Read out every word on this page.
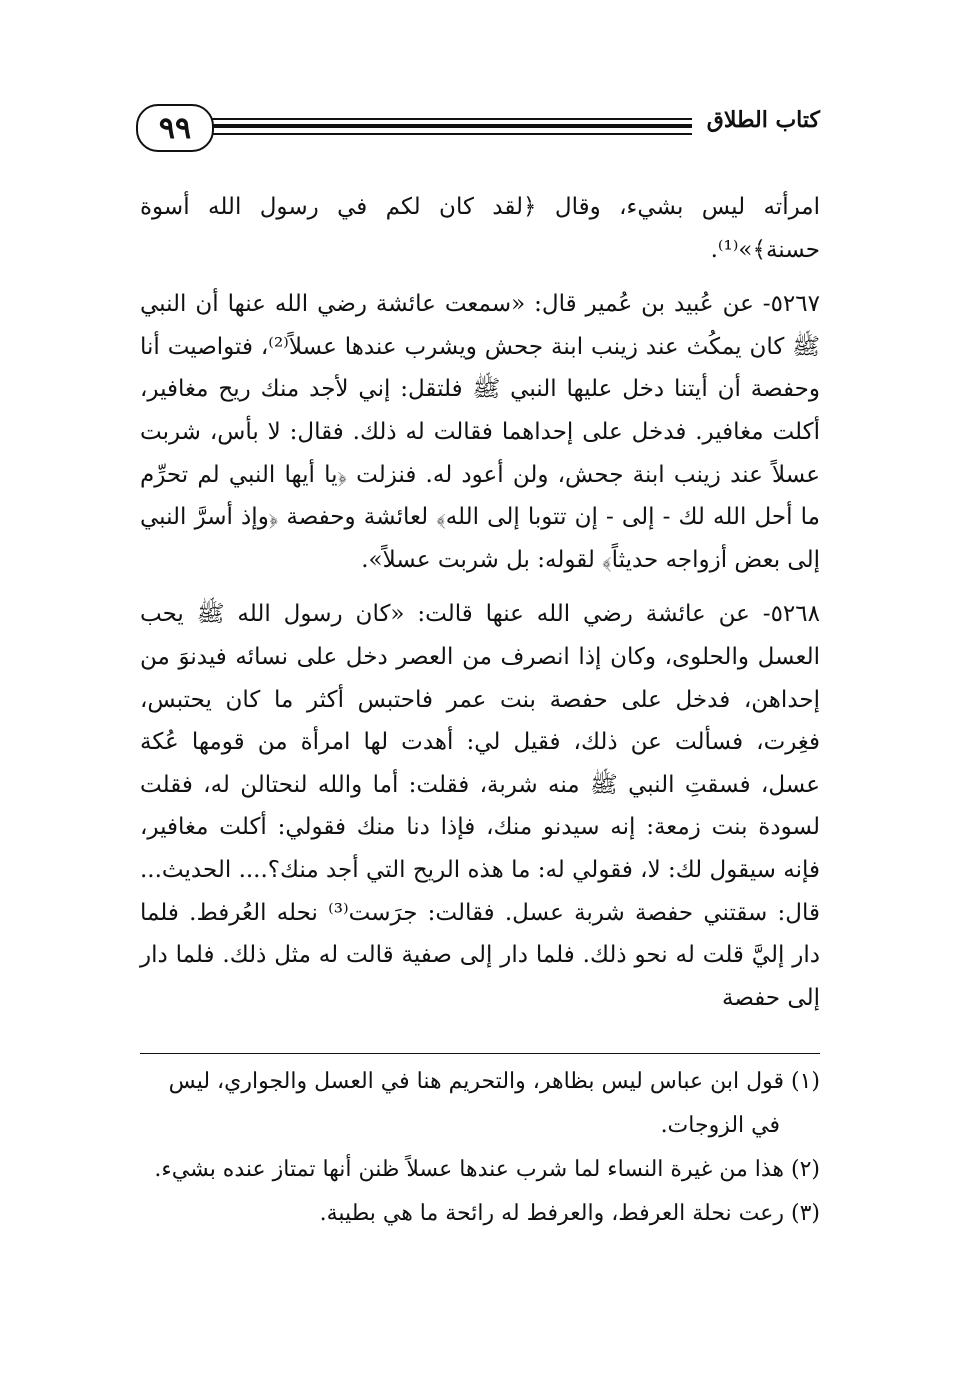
٩٩	كتاب الطلاق

امرأته ليس بشيء، وقال ﴿لقد كان لكم في رسول الله أسوة حسنة﴾»⁽¹⁾.

٥٢٦٧- عن عُبيد بن عُمير قال: «سمعت عائشة رضي الله عنها أن النبي ﷺ كان يمكُث عند زينب ابنة جحش ويشرب عندها عسلاً⁽²⁾، فتواصيت أنا وحفصة أن أيتنا دخل عليها النبي ﷺ فلتقل: إني لأجد منك ريح مغافير، أكلت مغافير. فدخل على إحداهما فقالت له ذلك. فقال: لا بأس، شربت عسلاً عند زينب ابنة جحش، ولن أعود له. فنزلت ﴿يا أيها النبي لم تحرِّم ما أحل الله لك - إلى - إن تتوبا إلى الله﴾ لعائشة وحفصة ﴿وإذ أسرَّ النبي إلى بعض أزواجه حديثاً﴾ لقوله: بل شربت عسلاً».

٥٢٦٨- عن عائشة رضي الله عنها قالت: «كان رسول الله ﷺ يحب العسل والحلوى، وكان إذا انصرف من العصر دخل على نسائه فيدنوَ من إحداهن، فدخل على حفصة بنت عمر فاحتبس أكثر ما كان يحتبس، فغِرت، فسألت عن ذلك، فقيل لي: أهدت لها امرأة من قومها عُكة عسل، فسقتِ النبي ﷺ منه شربة، فقلت: أما والله لنحتالن له، فقلت لسودة بنت زمعة: إنه سيدنو منك، فإذا دنا منك فقولي: أكلت مغافير، فإنه سيقول لك: لا، فقولي له: ما هذه الريح التي أجد منك؟.... الحديث... قال: سقتني حفصة شربة عسل. فقالت: جرَست⁽³⁾ نحله العُرفط. فلما دار إليَّ قلت له نحو ذلك. فلما دار إلى صفية قالت له مثل ذلك. فلما دار إلى حفصة

(١) قول ابن عباس ليس بظاهر، والتحريم هنا في العسل والجواري، ليس

في الزوجات.

(٢) هذا من غيرة النساء لما شرب عندها عسلاً ظنن أنها تمتاز عنده بشيء.

(٣) رعت نحلة العرفط، والعرفط له رائحة ما هي بطيبة.
